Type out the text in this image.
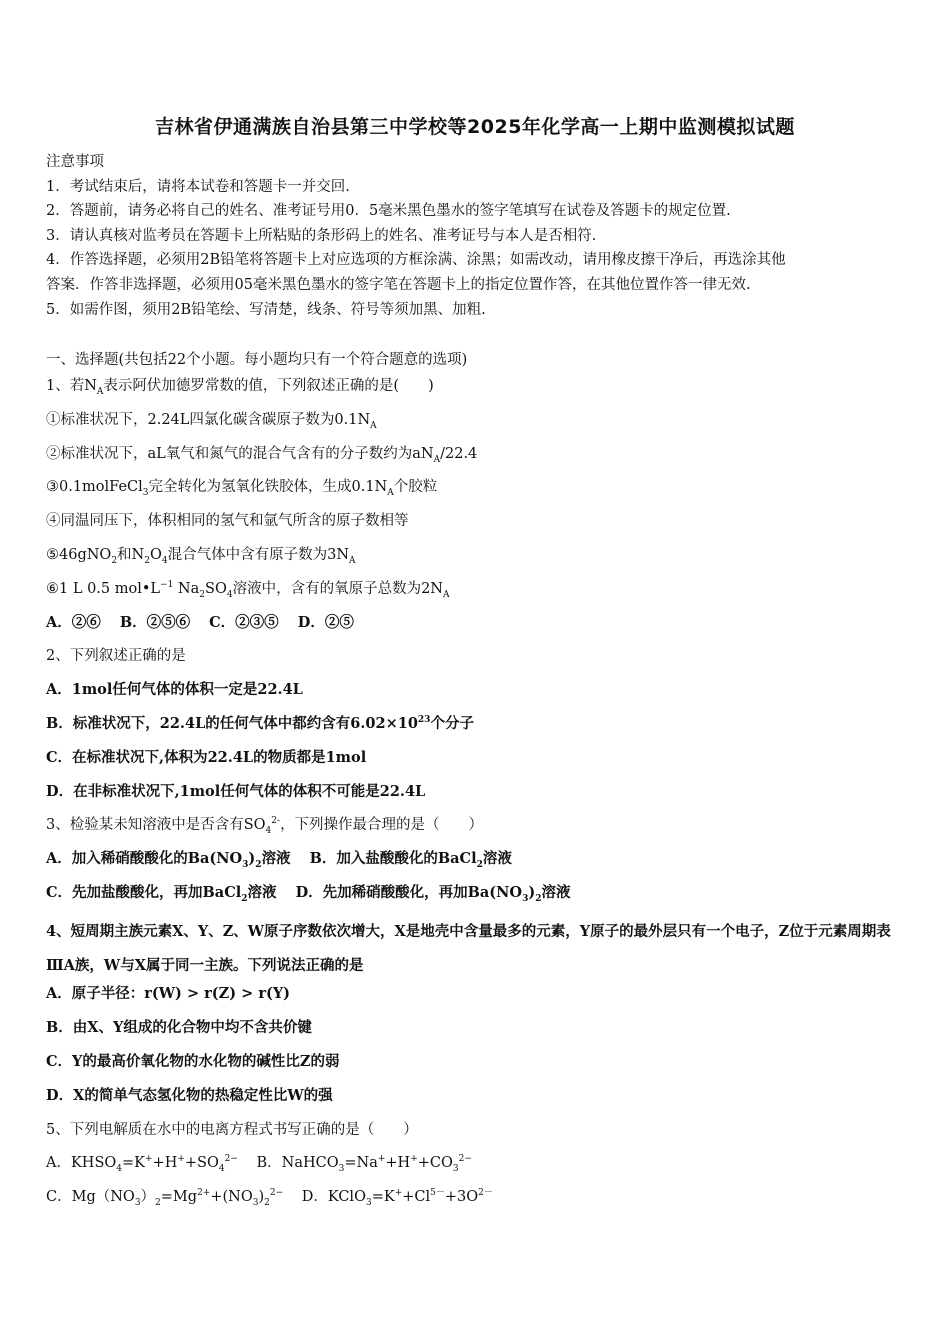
吉林省伊通满族自治县第三中学校等2025年化学高一上期中监测模拟试题
注意事项
1．考试结束后，请将本试卷和答题卡一并交回.
2．答题前，请务必将自己的姓名、准考证号用0．5毫米黑色墨水的签字笔填写在试卷及答题卡的规定位置.
3．请认真核对监考员在答题卡上所粘贴的条形码上的姓名、准考证号与本人是否相符.
4．作答选择题，必须用2B铅笔将答题卡上对应选项的方框涂满、涂黑；如需改动，请用橡皮擦干净后，再选涂其他
答案．作答非选择题，必须用05毫米黑色墨水的签字笔在答题卡上的指定位置作答，在其他位置作答一律无效.
5．如需作图，须用2B铅笔绘、写清楚，线条、符号等须加黑、加粗.
一、选择题(共包括22个小题。每小题均只有一个符合题意的选项)
1、若$N_A$表示阿伏加德罗常数的值，下列叙述正确的是(　　)
①标准状况下，2.24L四氯化碳含碳原子数为$0.1N_A$
②标准状况下，aL氧气和氮气的混合气含有的分子数约为$aN_A/22.4$
③0.1molFeCl$_3$完全转化为氢氧化铁胶体，生成$0.1N_A$个胶粒
④同温同压下，体积相同的氢气和氩气所含的原子数相等
⑤46gNO$_2$和$N_2O_4$混合气体中含有原子数为$3N_A$
⑥1 L 0.5 $mol•L^{-1}$ $Na_2SO_4$溶液中，含有的氧原子总数为$2N_A$
A．②⑥ B．②⑤⑥ C．②③⑤ D．②⑤
2、下列叙述正确的是
A．1mol任何气体的体积一定是22.4L
B．标准状况下，22.4L的任何气体中都约含有$6.02\times 10^{23}$个分子
C．在标准状况下,体积为22.4L的物质都是1mol
D．在非标准状况下,1mol任何气体的体积不可能是22.4L
3、检验某未知溶液中是否含有$SO_4^{2-}$，下列操作最合理的是（　　）
A．加入稀硝酸酸化的$Ba(NO_3)_2$溶液 B．加入盐酸酸化的BaCl$_2$溶液
C．先加盐酸酸化，再加BaCl$_2$溶液 D．先加稀硝酸酸化，再加$Ba(NO_3)_2$溶液
4、短周期主族元素X、Y、Z、W原子序数依次增大，X是地壳中含量最多的元素，Y原子的最外层只有一个电子，Z位于元素周期表ⅢA族，W与X属于同一主族。下列说法正确的是
A．原子半径：r(W) > r(Z) > r(Y)
B．由X、Y组成的化合物中均不含共价键
C．Y的最高价氧化物的水化物的碱性比Z的弱
D．X的简单气态氢化物的热稳定性比W的强
5、下列电解质在水中的电离方程式书写正确的是（　　）
A．$KHSO_4=K^++H^++SO_4^{2-}$ B．$NaHCO_3=Na^++H^++CO_3^{2-}$
C．$Mg(NO_3)_2=Mg^{2+}+(NO_3)_2^{2-}$ D．$KClO_3=K^++Cl^{5-}+3O^{2-}$
